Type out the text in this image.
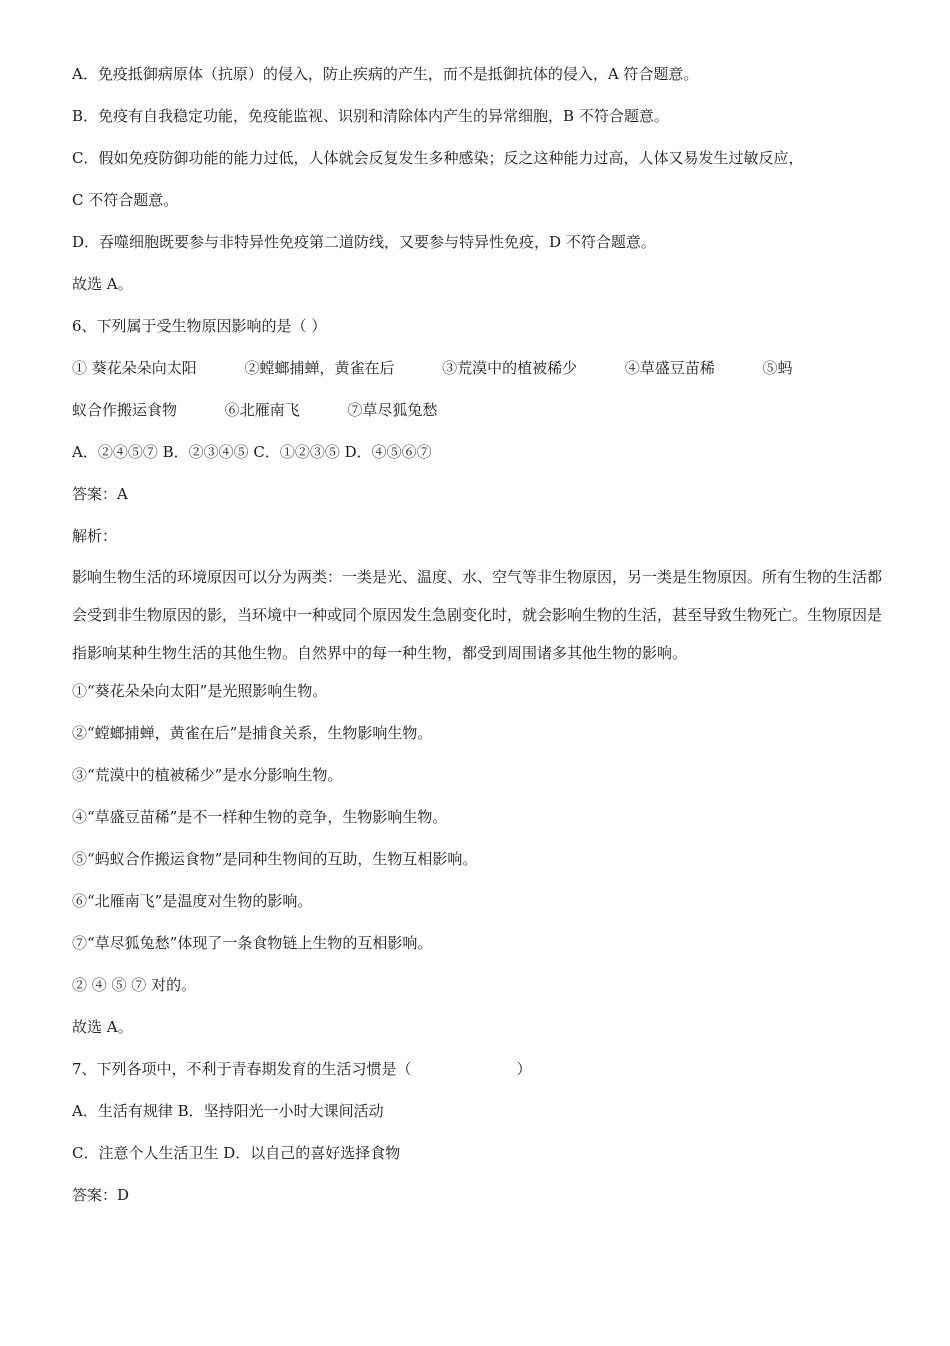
A．免疫抵御病原体（抗原）的侵入，防止疾病的产生，而不是抵御抗体的侵入，A 符合题意。

B．免疫有自我稳定功能，免疫能监视、识别和清除体内产生的异常细胞，B 不符合题意。

C．假如免疫防御功能的能力过低，人体就会反复发生多种感染；反之这种能力过高，人体又易发生过敏反应，

C 不符合题意。

D．吞噬细胞既要参与非特异性免疫第二道防线，又要参与特异性免疫，D 不符合题意。

故选 A。

6、下列属于受生物原因影响的是（ ）

① 葵花朵朵向太阳          ②螳螂捕蝉，黄雀在后          ③荒漠中的植被稀少          ④草盛豆苗稀          ⑤蚂

蚁合作搬运食物          ⑥北雁南飞          ⑦草尽狐兔愁

A．②④⑤⑦ B．②③④⑤ C．①②③⑤ D．④⑤⑥⑦

答案：A

解析：

影响生物生活的环境原因可以分为两类：一类是光、温度、水、空气等非生物原因，另一类是生物原因。所有生物的生活都会受到非生物原因的影，当环境中一种或同个原因发生急剧变化时，就会影响生物的生活，甚至导致生物死亡。生物原因是指影响某种生物生活的其他生物。自然界中的每一种生物，都受到周围诸多其他生物的影响。

①“葵花朵朵向太阳”是光照影响生物。

②“螳螂捕蝉，黄雀在后”是捕食关系，生物影响生物。

③“荒漠中的植被稀少”是水分影响生物。

④“草盛豆苗稀”是不一样种生物的竞争，生物影响生物。

⑤“蚂蚁合作搬运食物”是同种生物间的互助，生物互相影响。

⑥“北雁南飞”是温度对生物的影响。

⑦“草尽狐兔愁”体现了一条食物链上生物的互相影响。

② ④ ⑤ ⑦ 对的。

故选 A。

7、下列各项中，不利于青春期发育的生活习惯是（                      ）

A．生活有规律 B．坚持阳光一小时大课间活动

C．注意个人生活卫生 D．以自己的喜好选择食物

答案：D
